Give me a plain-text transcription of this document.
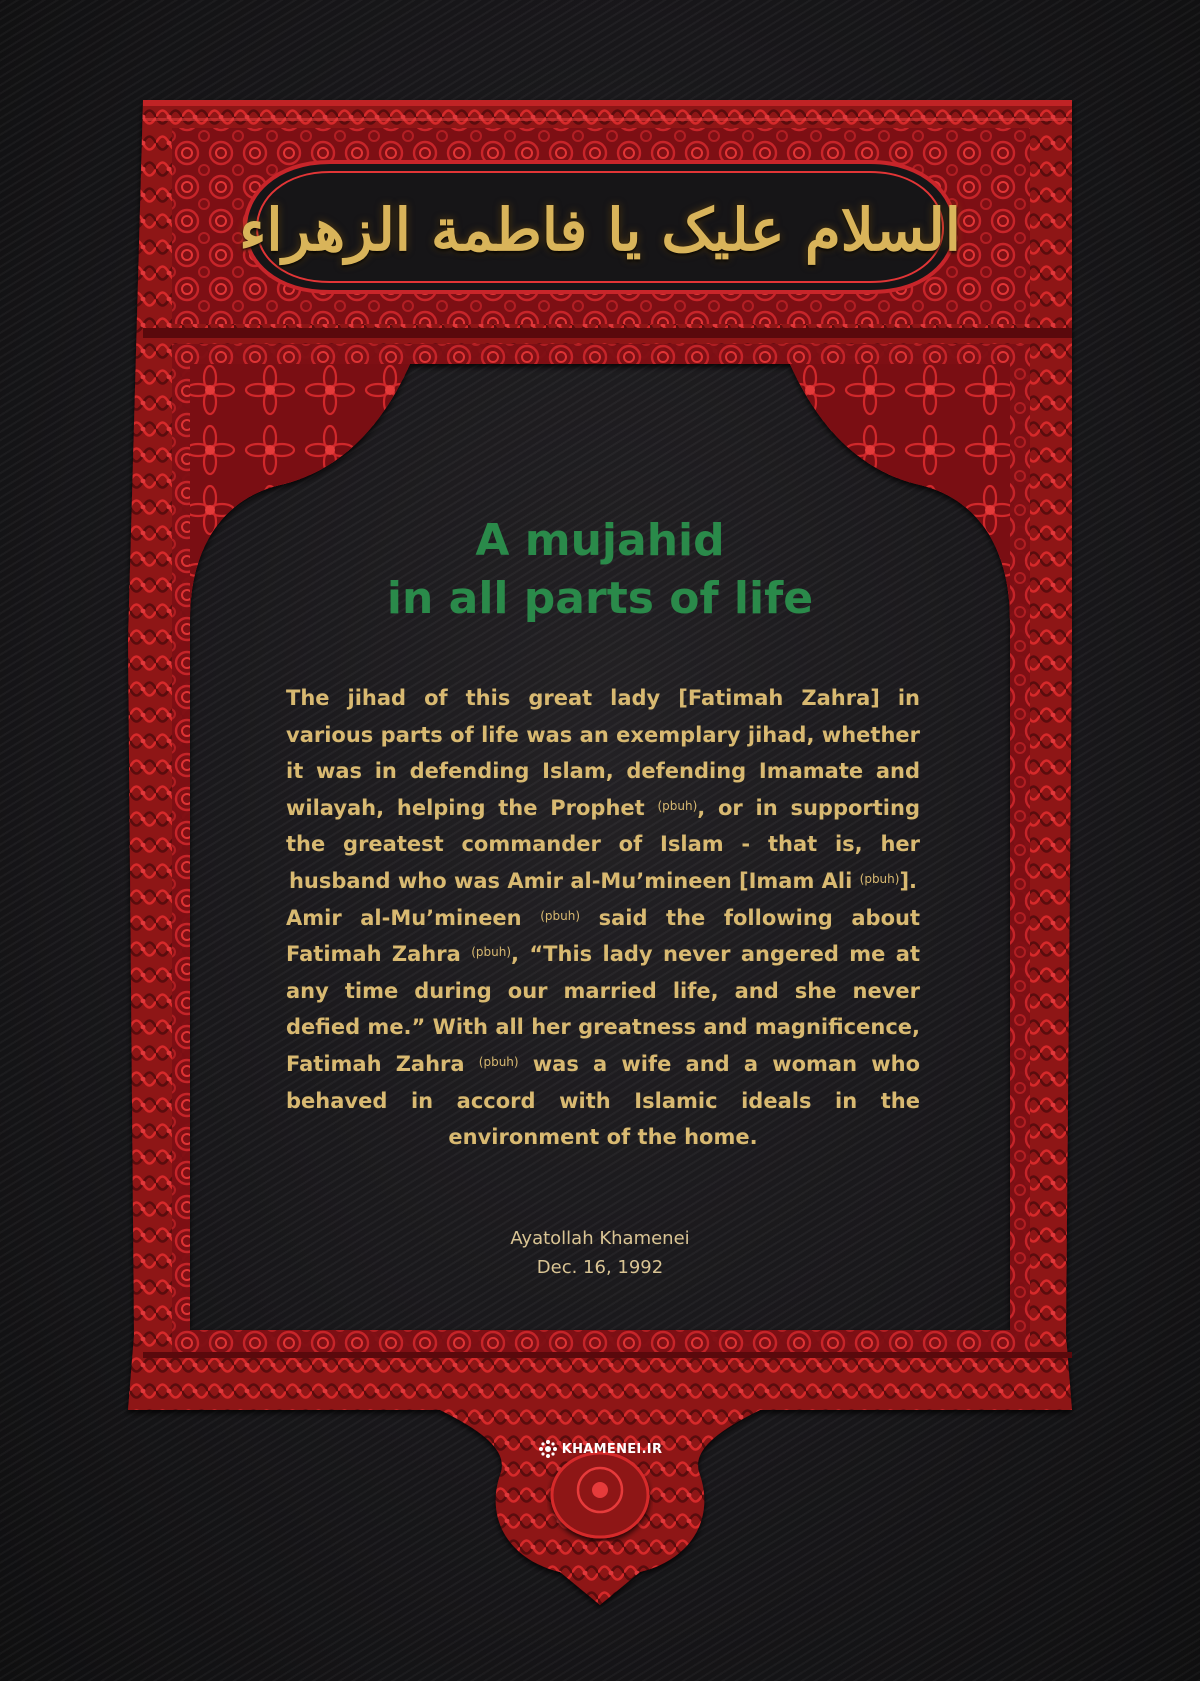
السلام علیک یا فاطمة الزهراء
A mujahid
in all parts of life

The jihad of this great lady [Fatimah Zahra] in various parts of life was an exemplary jihad, whether it was in defending Islam, defending Imamate and wilayah, helping the Prophet $^{(pbuh)}$, or in supporting the greatest commander of Islam - that is, her husband who was Amir al-Mu’mineen [Imam Ali $^{(pbuh)}$].

Amir al-Mu’mineen $^{(pbuh)}$ said the following about Fatimah Zahra $^{(pbuh)}$, “This lady never angered me at any time during our married life, and she never defied me.” With all her greatness and magnificence, Fatimah Zahra $^{(pbuh)}$ was a wife and a woman who behaved in accord with Islamic ideals in the environment of the home.

Ayatollah Khamenei
Dec. 16, 1992
KHAMENEI.IR
